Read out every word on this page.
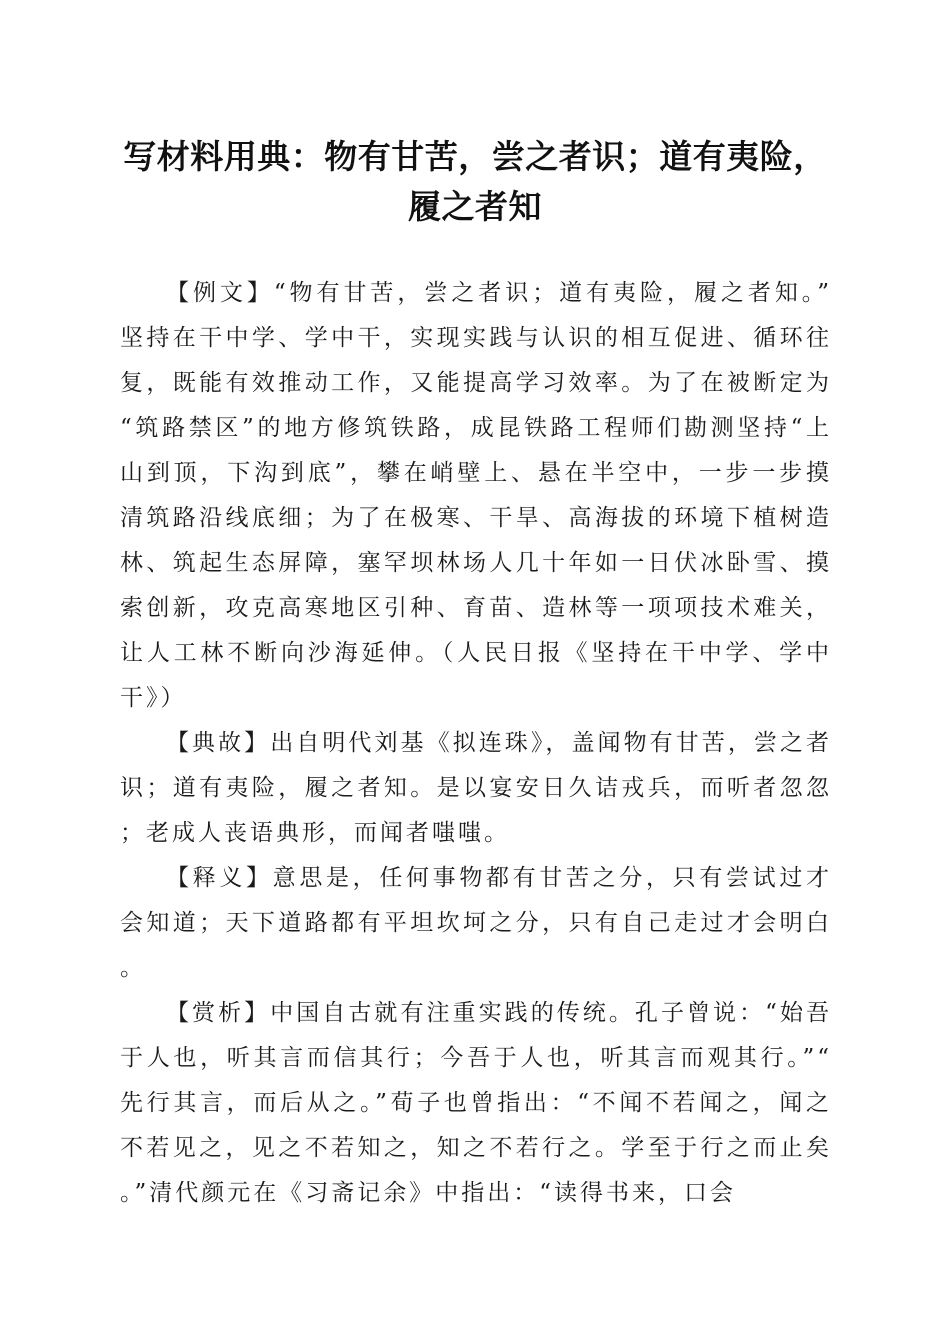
写材料用典：物有甘苦，尝之者识；道有夷险，履之者知

【例文】“物有甘苦，尝之者识；道有夷险，履之者知。”坚持在干中学、学中干，实现实践与认识的相互促进、循环往复，既能有效推动工作，又能提高学习效率。为了在被断定为“筑路禁区”的地方修筑铁路，成昆铁路工程师们勘测坚持“上山到顶，下沟到底”，攀在峭壁上、悬在半空中，一步一步摸清筑路沿线底细；为了在极寒、干旱、高海拔的环境下植树造林、筑起生态屏障，塞罕坝林场人几十年如一日伏冰卧雪、摸索创新，攻克高寒地区引种、育苗、造林等一项项技术难关，让人工林不断向沙海延伸。（人民日报《坚持在干中学、学中干》）

【典故】出自明代刘基《拟连珠》，盖闻物有甘苦，尝之者识；道有夷险，履之者知。是以宴安日久诘戎兵，而听者忽忽；老成人丧语典形，而闻者嗤嗤。

【释义】意思是，任何事物都有甘苦之分，只有尝试过才会知道；天下道路都有平坦坎坷之分，只有自己走过才会明白。

【赏析】中国自古就有注重实践的传统。孔子曾说：“始吾于人也，听其言而信其行；今吾于人也，听其言而观其行。”“先行其言，而后从之。”荀子也曾指出：“不闻不若闻之，闻之不若见之，见之不若知之，知之不若行之。学至于行之而止矣。”清代颜元在《习斋记余》中指出：“读得书来，口会
